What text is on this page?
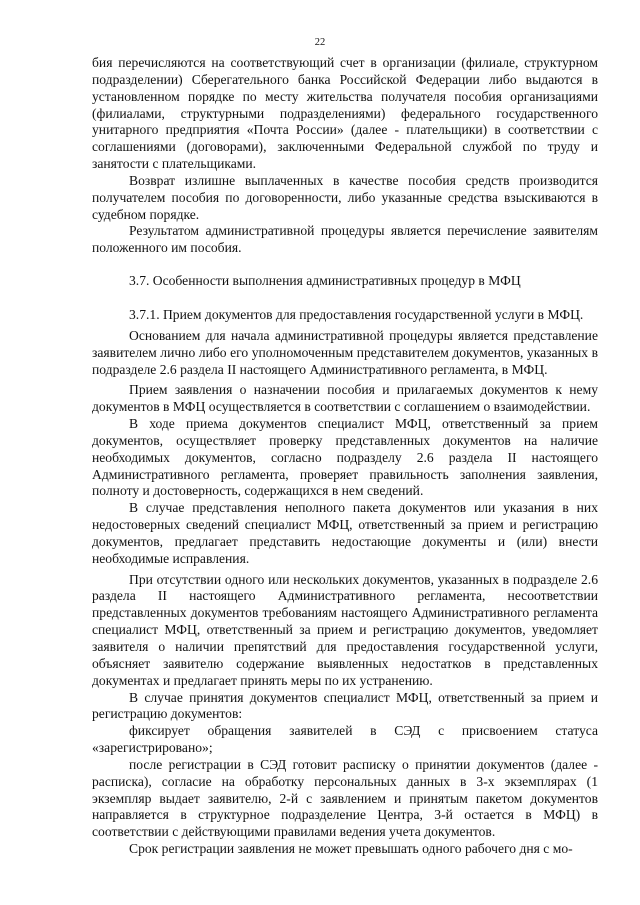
22

бия перечисляются на соответствующий счет в организации (филиале, структурном подразделении) Сберегательного банка Российской Федерации либо выдаются в установленном порядке по месту жительства получателя пособия организациями (филиалами, структурными подразделениями) федерального государственного унитарного предприятия «Почта России» (далее - плательщики) в соответствии с соглашениями (договорами), заключенными Федеральной службой по труду и занятости с плательщиками.

Возврат излишне выплаченных в качестве пособия средств производится получателем пособия по договоренности, либо указанные средства взыскиваются в судебном порядке.

Результатом административной процедуры является перечисление заявителям положенного им пособия.

3.7. Особенности выполнения административных процедур в МФЦ

3.7.1. Прием документов для предоставления государственной услуги в МФЦ.

Основанием для начала административной процедуры является представление заявителем лично либо его уполномоченным представителем документов, указанных в подразделе 2.6 раздела II настоящего Административного регламента, в МФЦ.

Прием заявления о назначении пособия и прилагаемых документов к нему документов в МФЦ осуществляется в соответствии с соглашением о взаимодействии.

В ходе приема документов специалист МФЦ, ответственный за прием документов, осуществляет проверку представленных документов на наличие необходимых документов, согласно подразделу 2.6 раздела II настоящего Административного регламента, проверяет правильность заполнения заявления, полноту и достоверность, содержащихся в нем сведений.

В случае представления неполного пакета документов или указания в них недостоверных сведений специалист МФЦ, ответственный за прием и регистрацию документов, предлагает представить недостающие документы и (или) внести необходимые исправления.

При отсутствии одного или нескольких документов, указанных в подразделе 2.6 раздела II настоящего Административного регламента, несоответствии представленных документов требованиям настоящего Административного регламента специалист МФЦ, ответственный за прием и регистрацию документов, уведомляет заявителя о наличии препятствий для предоставления государственной услуги, объясняет заявителю содержание выявленных недостатков в представленных документах и предлагает принять меры по их устранению.

В случае принятия документов специалист МФЦ, ответственный за прием и регистрацию документов:

фиксирует обращения заявителей в СЭД с присвоением статуса «зарегистрировано»;

после регистрации в СЭД готовит расписку о принятии документов (далее - расписка), согласие на обработку персональных данных в 3-х экземплярах (1 экземпляр выдает заявителю, 2-й с заявлением и принятым пакетом документов направляется в структурное подразделение Центра, 3-й остается в МФЦ) в соответствии с действующими правилами ведения учета документов.

Срок регистрации заявления не может превышать одного рабочего дня с мо-
